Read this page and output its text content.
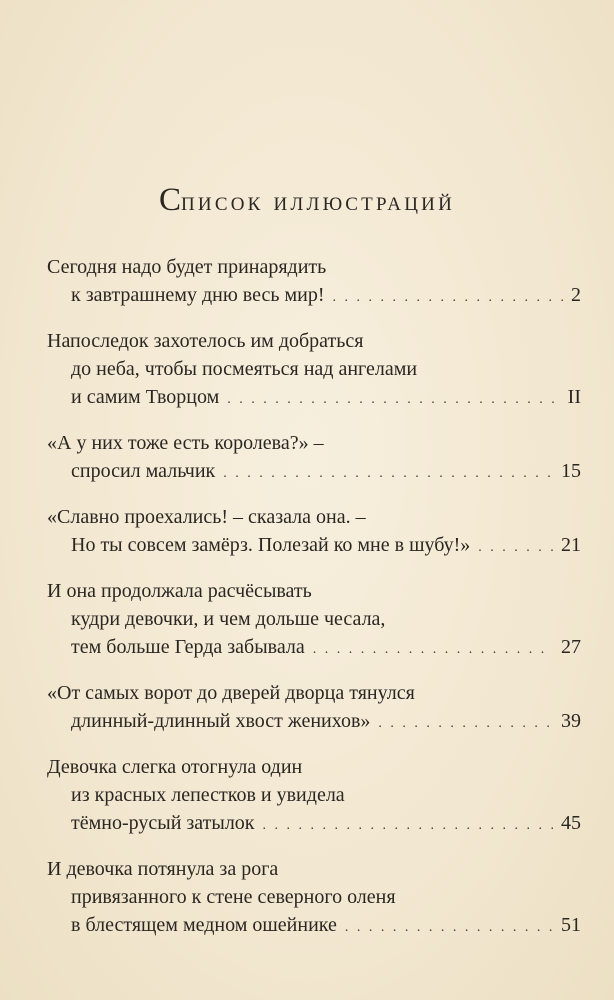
Список иллюстраций
Сегодня надо будет принарядить
к завтрашнему дню весь мир! . . .	2
Напоследок захотелось им добраться
до неба, чтобы посмеяться над ангелами
и самим Творцом . . .	II
«А у них тоже есть королева?» –
спросил мальчик . . .	15
«Славно проехались! – сказала она. –
Но ты совсем замёрз. Полезай ко мне в шубу!» . . .	21
И она продолжала расчёсывать
кудри девочки, и чем дольше чесала,
тем больше Герда забывала . . .	27
«От самых ворот до дверей дворца тянулся
длинный-длинный хвост женихов» . . .	39
Девочка слегка отогнула один
из красных лепестков и увидела
тёмно-русый затылок . . .	45
И девочка потянула за рога
привязанного к стене северного оленя
в блестящем медном ошейнике . . .	51
